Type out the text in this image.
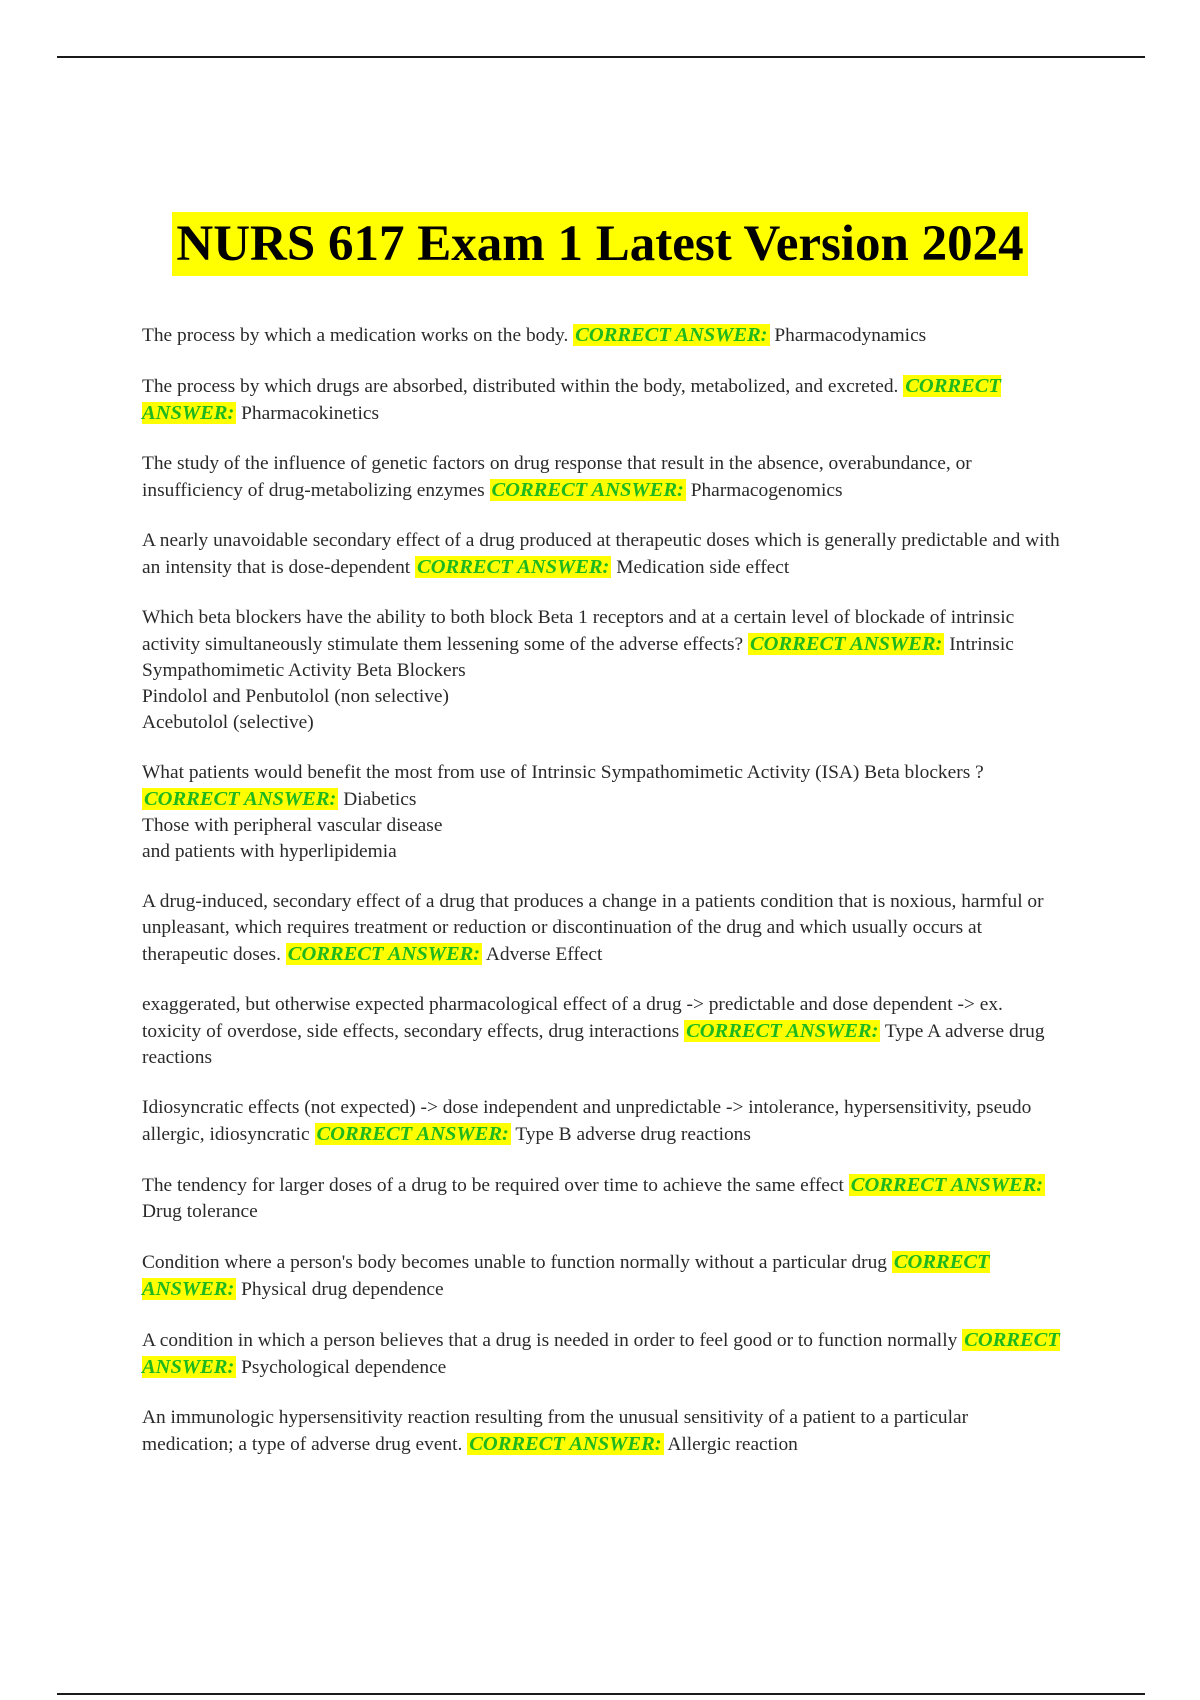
NURS 617 Exam 1 Latest Version 2024
The process by which a medication works on the body. CORRECT ANSWER: Pharmacodynamics
The process by which drugs are absorbed, distributed within the body, metabolized, and excreted. CORRECT ANSWER: Pharmacokinetics
The study of the influence of genetic factors on drug response that result in the absence, overabundance, or insufficiency of drug-metabolizing enzymes CORRECT ANSWER: Pharmacogenomics
A nearly unavoidable secondary effect of a drug produced at therapeutic doses which is generally predictable and with an intensity that is dose-dependent CORRECT ANSWER: Medication side effect
Which beta blockers have the ability to both block Beta 1 receptors and at a certain level of blockade of intrinsic activity simultaneously stimulate them lessening some of the adverse effects? CORRECT ANSWER: Intrinsic Sympathomimetic Activity Beta Blockers
Pindolol and Penbutolol (non selective)
Acebutolol (selective)
What patients would benefit the most from use of Intrinsic Sympathomimetic Activity (ISA) Beta blockers ? CORRECT ANSWER: Diabetics
Those with peripheral vascular disease
and patients with hyperlipidemia
A drug-induced, secondary effect of a drug that produces a change in a patients condition that is noxious, harmful or unpleasant, which requires treatment or reduction or discontinuation of the drug and which usually occurs at therapeutic doses. CORRECT ANSWER: Adverse Effect
exaggerated, but otherwise expected pharmacological effect of a drug -> predictable and dose dependent -> ex. toxicity of overdose, side effects, secondary effects, drug interactions CORRECT ANSWER: Type A adverse drug reactions
Idiosyncratic effects (not expected) -> dose independent and unpredictable -> intolerance, hypersensitivity, pseudo allergic, idiosyncratic CORRECT ANSWER: Type B adverse drug reactions
The tendency for larger doses of a drug to be required over time to achieve the same effect CORRECT ANSWER: Drug tolerance
Condition where a person's body becomes unable to function normally without a particular drug CORRECT ANSWER: Physical drug dependence
A condition in which a person believes that a drug is needed in order to feel good or to function normally CORRECT ANSWER: Psychological dependence
An immunologic hypersensitivity reaction resulting from the unusual sensitivity of a patient to a particular medication; a type of adverse drug event. CORRECT ANSWER: Allergic reaction
